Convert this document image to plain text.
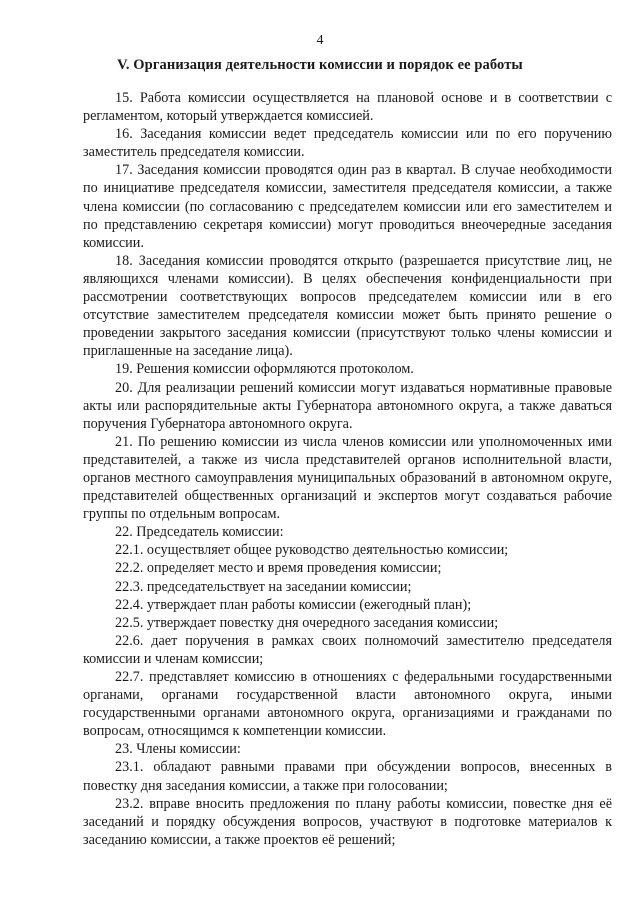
4
V. Организация деятельности комиссии и порядок ее работы

15. Работа комиссии осуществляется на плановой основе и в соответствии с регламентом, который утверждается комиссией.

16. Заседания комиссии ведет председатель комиссии или по его поручению заместитель председателя комиссии.

17. Заседания комиссии проводятся один раз в квартал. В случае необходимости по инициативе председателя комиссии, заместителя председателя комиссии, а также члена комиссии (по согласованию с председателем комиссии или его заместителем и по представлению секретаря комиссии) могут проводиться внеочередные заседания комиссии.

18. Заседания комиссии проводятся открыто (разрешается присутствие лиц, не являющихся членами комиссии). В целях обеспечения конфиденциальности при рассмотрении соответствующих вопросов председателем комиссии или в его отсутствие заместителем председателя комиссии может быть принято решение о проведении закрытого заседания комиссии (присутствуют только члены комиссии и приглашенные на заседание лица).

19. Решения комиссии оформляются протоколом.

20. Для реализации решений комиссии могут издаваться нормативные правовые акты или распорядительные акты Губернатора автономного округа, а также даваться поручения Губернатора автономного округа.

21. По решению комиссии из числа членов комиссии или уполномоченных ими представителей, а также из числа представителей органов исполнительной власти, органов местного самоуправления муниципальных образований в автономном округе, представителей общественных организаций и экспертов могут создаваться рабочие группы по отдельным вопросам.

22. Председатель комиссии:

22.1. осуществляет общее руководство деятельностью комиссии;

22.2. определяет место и время проведения комиссии;

22.3. председательствует на заседании комиссии;

22.4. утверждает план работы комиссии (ежегодный план);

22.5. утверждает повестку дня очередного заседания комиссии;

22.6. дает поручения в рамках своих полномочий заместителю председателя комиссии и членам комиссии;

22.7. представляет комиссию в отношениях с федеральными государственными органами, органами государственной власти автономного округа, иными государственными органами автономного округа, организациями и гражданами по вопросам, относящимся к компетенции комиссии.

23. Члены комиссии:

23.1. обладают равными правами при обсуждении вопросов, внесенных в повестку дня заседания комиссии, а также при голосовании;

23.2. вправе вносить предложения по плану работы комиссии, повестке дня её заседаний и порядку обсуждения вопросов, участвуют в подготовке материалов к заседанию комиссии, а также проектов её решений;
